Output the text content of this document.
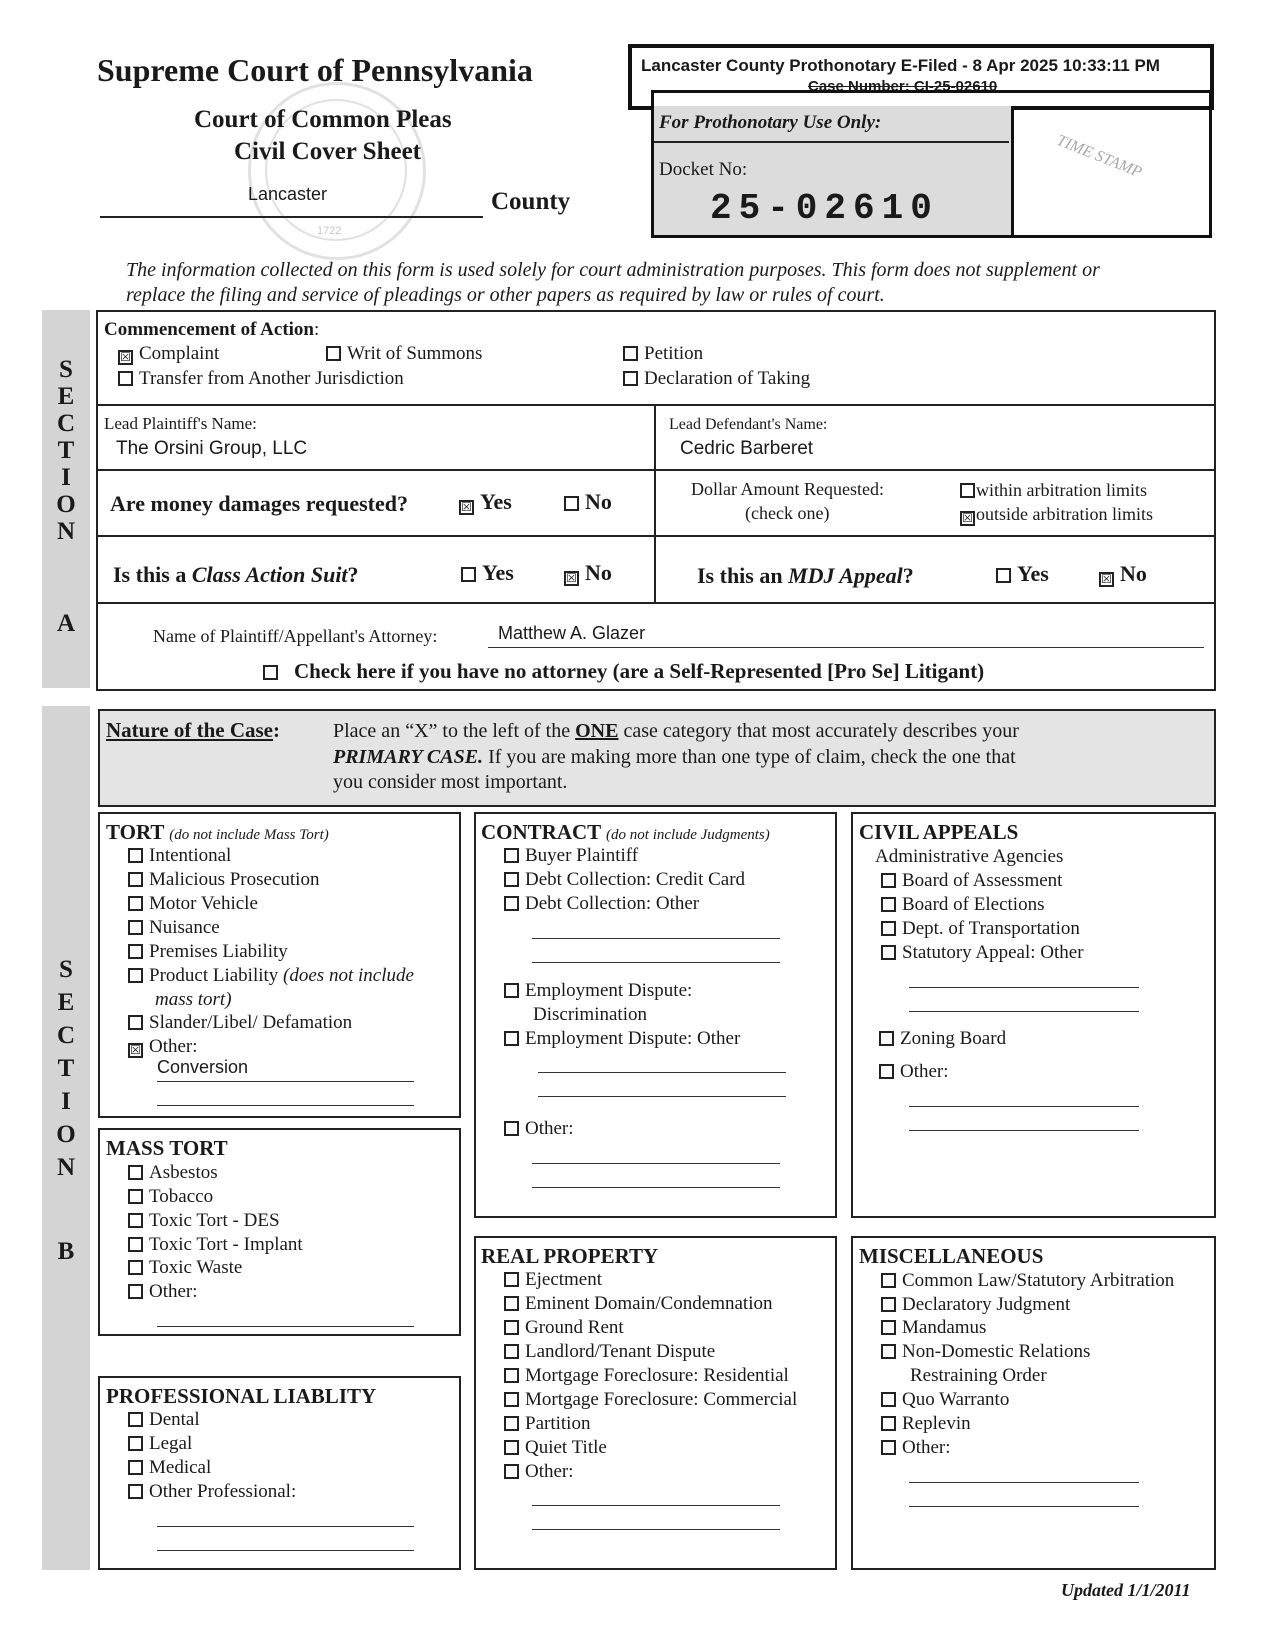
1722
Supreme Court of Pennsylvania
Court of Common Pleas
Civil Cover Sheet
Lancaster	County
Lancaster County Prothonotary E-Filed - 8 Apr 2025 10:33:11 PM
Case Number: CI-25-02610
For Prothonotary Use Only:
Docket No:
25-02610
TIME STAMP
The information collected on this form is used solely for court administration purposes. This form does not supplement or replace the filing and service of pleadings or other papers as required by law or rules of court.
S
E
C
T
I
O
N
A
Commencement of Action:
☒ Complaint	Writ of Summons	Petition
Transfer from Another Jurisdiction	Declaration of Taking
Lead Plaintiff's Name:
The Orsini Group, LLC
Lead Defendant's Name:
Cedric Barberet
Are money damages requested?	☒ Yes	No	Dollar Amount Requested:
(check one)
within arbitration limits
☒ outside arbitration limits
Is this a Class Action Suit?	Yes	☒ No	Is this an MDJ Appeal?	Yes	☒ No
Name of Plaintiff/Appellant's Attorney:	Matthew A. Glazer
Check here if you have no attorney (are a Self-Represented [Pro Se] Litigant)
S
E
C
T
I
O
N
B
Nature of the Case:	Place an “X” to the left of the ONE case category that most accurately describes your
PRIMARY CASE. If you are making more than one type of claim, check the one that
you consider most important.
TORT (do not include Mass Tort)
Intentional
Malicious Prosecution
Motor Vehicle
Nuisance
Premises Liability
Product Liability (does not include
mass tort)
Slander/Libel/ Defamation
☒ Other:
Conversion
MASS TORT
Asbestos
Tobacco
Toxic Tort - DES
Toxic Tort - Implant
Toxic Waste
Other:
PROFESSIONAL LIABLITY
Dental
Legal
Medical
Other Professional:
CONTRACT (do not include Judgments)
Buyer Plaintiff
Debt Collection: Credit Card
Debt Collection: Other
Employment Dispute:
Discrimination
Employment Dispute: Other
Other:
REAL PROPERTY
Ejectment
Eminent Domain/Condemnation
Ground Rent
Landlord/Tenant Dispute
Mortgage Foreclosure: Residential
Mortgage Foreclosure: Commercial
Partition
Quiet Title
Other:
CIVIL APPEALS
Administrative Agencies
Board of Assessment
Board of Elections
Dept. of Transportation
Statutory Appeal: Other
Zoning Board
Other:
MISCELLANEOUS
Common Law/Statutory Arbitration
Declaratory Judgment
Mandamus
Non-Domestic Relations
Restraining Order
Quo Warranto
Replevin
Other:
Updated 1/1/2011
